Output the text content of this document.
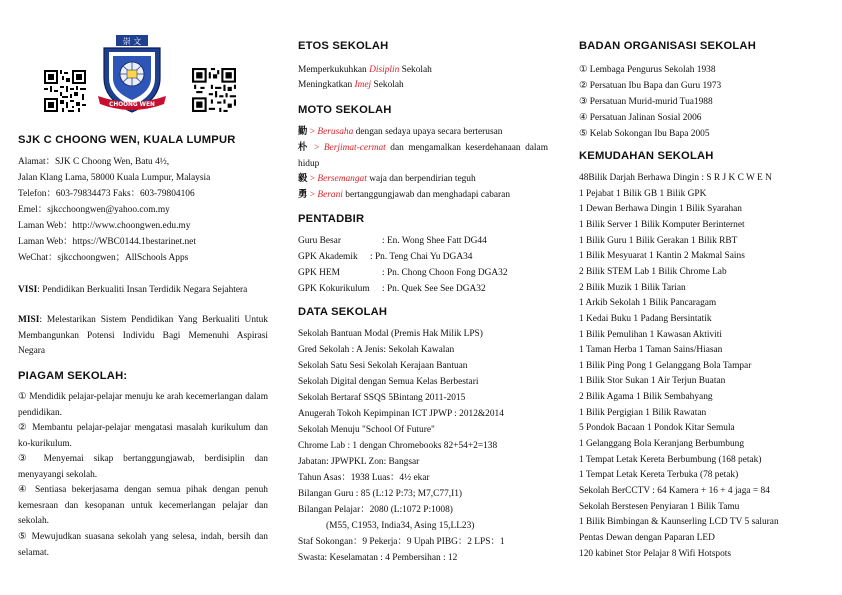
崇 文
CHOONG WEN
SJK C CHOONG WEN, KUALA LUMPUR
Alamat：SJK C Choong Wen, Batu 4½,
Jalan Klang Lama, 58000 Kuala Lumpur, Malaysia
Telefon：603-79834473 Faks：603-79804106
Emel：sjkcchoongwen@yahoo.com.my
Laman Web：http://www.choongwen.edu.my
Laman Web：https://WBC0144.1bestarinet.net
WeChat：sjkcchoongwen；AllSchools Apps
VISI: Pendidikan Berkualiti Insan Terdidik Negara Sejahtera
MISI: Melestarikan Sistem Pendidikan Yang Berkualiti Untuk Membangunkan Potensi Individu Bagi Memenuhi Aspirasi Negara
PIAGAM SEKOLAH:
① Mendidik pelajar-pelajar menuju ke arah kecemerlangan dalam pendidikan.
② Membantu pelajar-pelajar mengatasi masalah kurikulum dan ko-kurikulum.
③ Menyemai sikap bertanggungjawab, berdisiplin dan menyayangi sekolah.
④ Sentiasa bekerjasama dengan semua pihak dengan penuh kemesraan dan kesopanan untuk kecemerlangan pelajar dan sekolah.
⑤ Mewujudkan suasana sekolah yang selesa, indah, bersih dan selamat.
ETOS SEKOLAH
Memperkukuhkan Disiplin Sekolah
Meningkatkan Imej Sekolah
MOTO SEKOLAH
勤 > Berusaha dengan sedaya upaya secara berterusan
朴 > Berjimat-cermat dan mengamalkan keserdehanaan dalam hidup
毅 > Bersemangat waja dan berpendirian teguh
勇 > Berani bertanggungjawab dan menghadapi cabaran
PENTADBIR
Guru Besar	: En. Wong Shee Fatt DG44
GPK Akademik : Pn. Teng Chai Yu DGA34
GPK HEM	: Pn. Chong Choon Fong DGA32
GPK Kokurikulum : Pn. Quek See See DGA32
DATA SEKOLAH
Sekolah Bantuan Modal (Premis Hak Milik LPS)
Gred Sekolah : A Jenis: Sekolah Kawalan
Sekolah Satu Sesi Sekolah Kerajaan Bantuan
Sekolah Digital dengan Semua Kelas Berbestari
Sekolah Bertaraf SSQS 5Bintang 2011-2015
Anugerah Tokoh Kepimpinan ICT JPWP : 2012&2014
Sekolah Menuju "School Of Future"
Chrome Lab : 1 dengan Chromebooks 82+54+2=138
Jabatan: JPWPKL Zon: Bangsar
Tahun Asas：1938 Luas：4½ ekar
Bilangan Guru : 85 (L:12 P:73; M7,C77,I1)
Bilangan Pelajar：2080 (L:1072 P:1008)
(M55, C1953, India34, Asing 15,LL23)
Staf Sokongan：9 Pekerja：9 Upah PIBG：2 LPS：1
Swasta: Keselamatan : 4 Pembersihan : 12
BADAN ORGANISASI SEKOLAH
① Lembaga Pengurus Sekolah 1938
② Persatuan Ibu Bapa dan Guru 1973
③ Persatuan Murid-murid Tua1988
④ Persatuan Jalinan Sosial 2006
⑤ Kelab Sokongan Ibu Bapa 2005
KEMUDAHAN SEKOLAH
48Bilik Darjah Berhawa Dingin : S R J K C W E N
1 Pejabat 1 Bilik GB 1 Bilik GPK
1 Dewan Berhawa Dingin 1 Bilik Syarahan
1 Bilik Server 1 Bilik Komputer Berinternet
1 Bilik Guru 1 Bilik Gerakan 1 Bilik RBT
1 Bilik Mesyuarat 1 Kantin 2 Makmal Sains
2 Bilik STEM Lab 1 Bilik Chrome Lab
2 Bilik Muzik 1 Bilik Tarian
1 Arkib Sekolah 1 Bilik Pancaragam
1 Kedai Buku 1 Padang Bersintatik
1 Bilik Pemulihan 1 Kawasan Aktiviti
1 Taman Herba 1 Taman Sains/Hiasan
1 Bilik Ping Pong 1 Gelanggang Bola Tampar
1 Bilik Stor Sukan 1 Air Terjun Buatan
2 Bilik Agama 1 Bilik Sembahyang
1 Bilik Pergigian 1 Bilik Rawatan
5 Pondok Bacaan 1 Pondok Kitar Semula
1 Gelanggang Bola Keranjang Berbumbung
1 Tempat Letak Kereta Berbumbung (168 petak)
1 Tempat Letak Kereta Terbuka (78 petak)
Sekolah BerCCTV : 64 Kamera + 16 + 4 jaga = 84
Sekolah Berstesen Penyiaran 1 Bilik Tamu
1 Bilik Bimbingan & Kaunserling LCD TV 5 saluran
Pentas Dewan dengan Paparan LED
120 kabinet Stor Pelajar 8 Wifi Hotspots
